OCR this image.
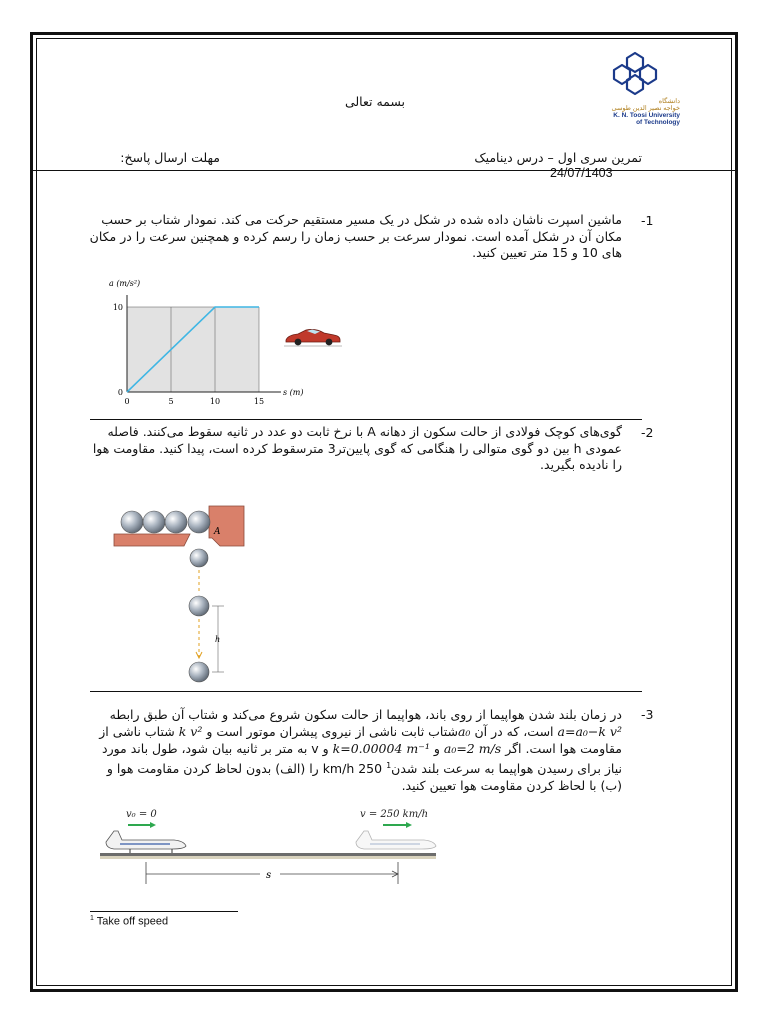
دانشگاه
خواجه نصیر الدین طوسی
K. N. Toosi University
of Technology
بسمه تعالی
تمرین سری اول – درس دینامیک
24/07/1403
مهلت ارسال پاسخ:
-1
ماشین اسپرت ناشان داده شده در شکل در یک مسیر مستقیم حرکت می کند. نمودار شتاب بر حسب مکان آن در شکل آمده است. نمودار سرعت بر حسب زمان را رسم کرده و همچنین سرعت را در مکان های 10 و 15 متر تعیین کنید.
0	5	10	15
0
10
a (m/s²)
s (m)
-2
گوی‌های کوچک فولادی از حالت سکون از دهانه A با نرخ ثابت دو عدد در ثانیه سقوط می‌کنند. فاصله عمودی h بین دو گوی متوالی را هنگامی که گوی پایین‌تر3 مترسقوط کرده است، پیدا کنید. مقاومت هوا را نادیده بگیرید.
A
h
-3
در زمان بلند شدن هواپیما از روی باند، هواپیما از حالت سکون شروع می‌کند و شتاب آن طبق رابطه a=a₀−k v² است، که در آن a₀شتاب ثابت ناشی از نیروی پیشران موتور است و k v² شتاب ناشی از مقاومت هوا است. اگر a₀=2 m/s و k=0.00004 m⁻¹ و v به متر بر ثانیه بیان شود، طول باند مورد نیاز برای رسیدن هواپیما به سرعت بلند شدن$^1$ 250 km/h را (الف) بدون لحاظ کردن مقاومت هوا و (ب) با لحاظ کردن مقاومت هوا تعیین کنید.
v₀ = 0	v = 250 km/h
s
$^1$ Take off speed
